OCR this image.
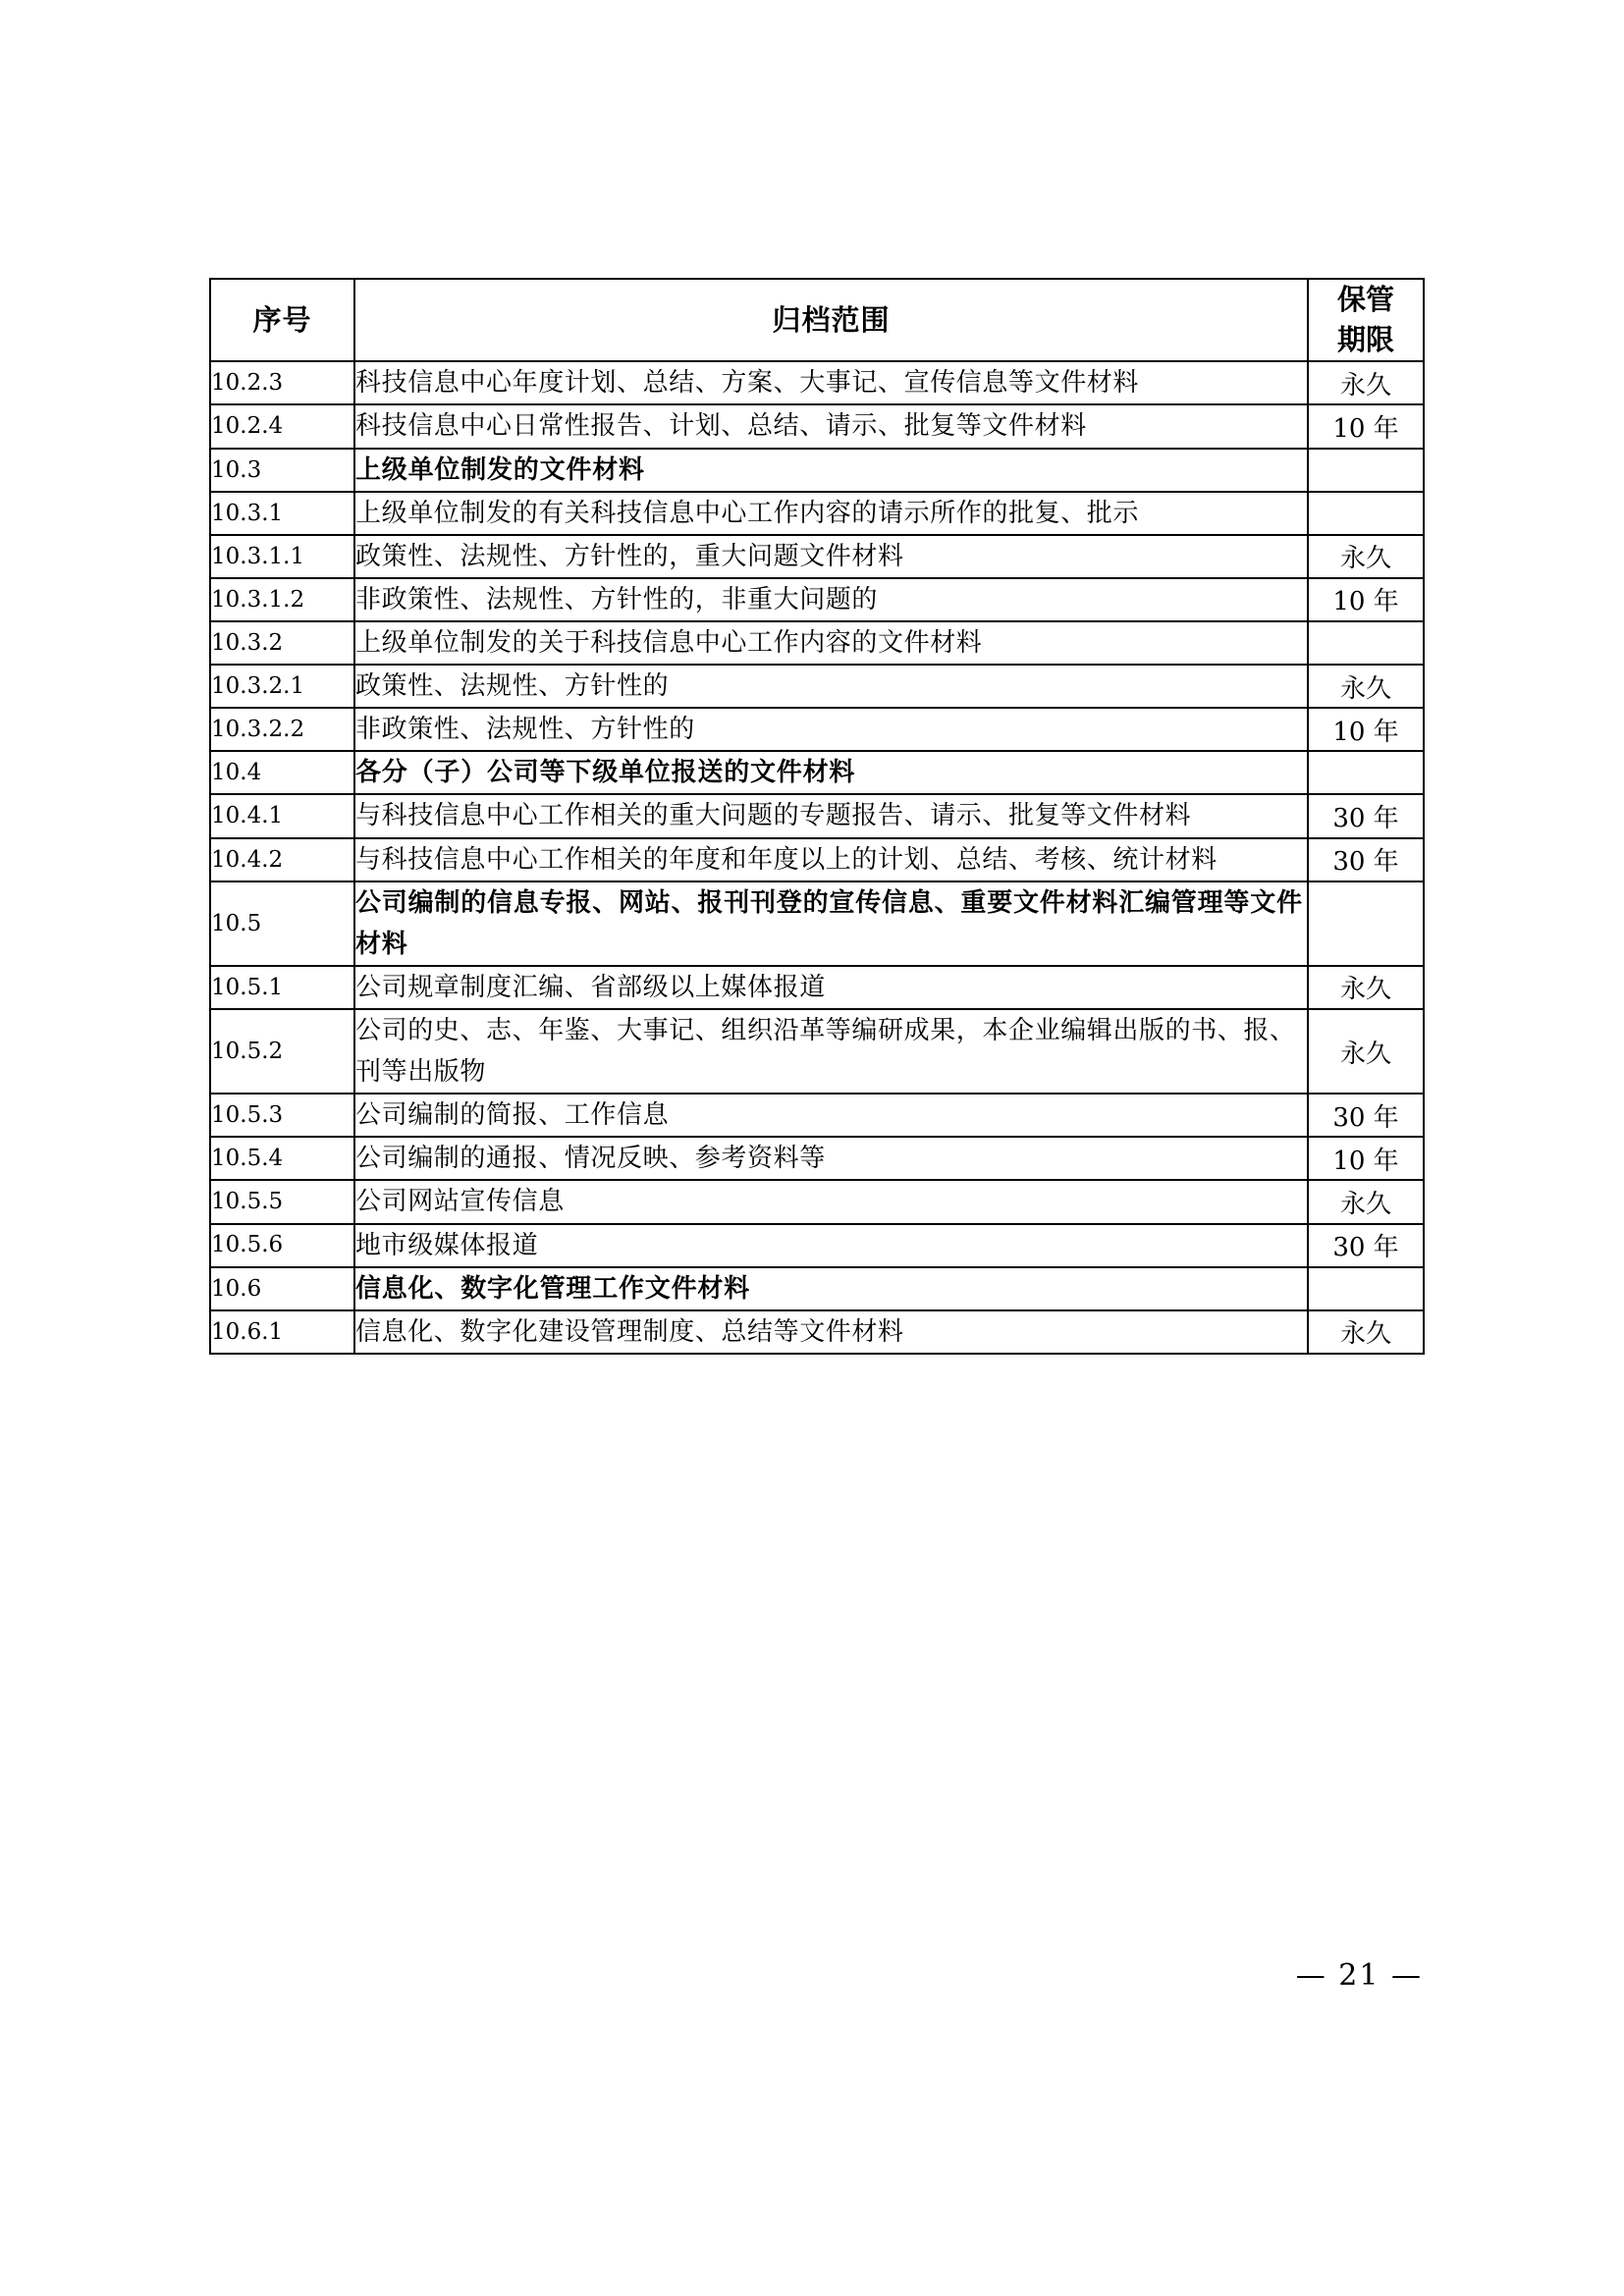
序号	归档范围	保管
期限

10.2.3	科技信息中心年度计划、总结、方案、大事记、宣传信息等文件材料	永久
10.2.4	科技信息中心日常性报告、计划、总结、请示、批复等文件材料	10 年
10.3	上级单位制发的文件材料	
10.3.1	上级单位制发的有关科技信息中心工作内容的请示所作的批复、批示	
10.3.1.1	政策性、法规性、方针性的，重大问题文件材料	永久
10.3.1.2	非政策性、法规性、方针性的，非重大问题的	10 年
10.3.2	上级单位制发的关于科技信息中心工作内容的文件材料	
10.3.2.1	政策性、法规性、方针性的	永久
10.3.2.2	非政策性、法规性、方针性的	10 年
10.4	各分（子）公司等下级单位报送的文件材料	
10.4.1	与科技信息中心工作相关的重大问题的专题报告、请示、批复等文件材料	30 年
10.4.2	与科技信息中心工作相关的年度和年度以上的计划、总结、考核、统计材料	30 年
10.5	公司编制的信息专报、网站、报刊刊登的宣传信息、重要文件材料汇编管理等文件材料	
10.5.1	公司规章制度汇编、省部级以上媒体报道	永久
10.5.2	公司的史、志、年鉴、大事记、组织沿革等编研成果，本企业编辑出版的书、报、刊等出版物	永久
10.5.3	公司编制的简报、工作信息	30 年
10.5.4	公司编制的通报、情况反映、参考资料等	10 年
10.5.5	公司网站宣传信息	永久
10.5.6	地市级媒体报道	30 年
10.6	信息化、数字化管理工作文件材料	
10.6.1	信息化、数字化建设管理制度、总结等文件材料	永久
— 21 —
